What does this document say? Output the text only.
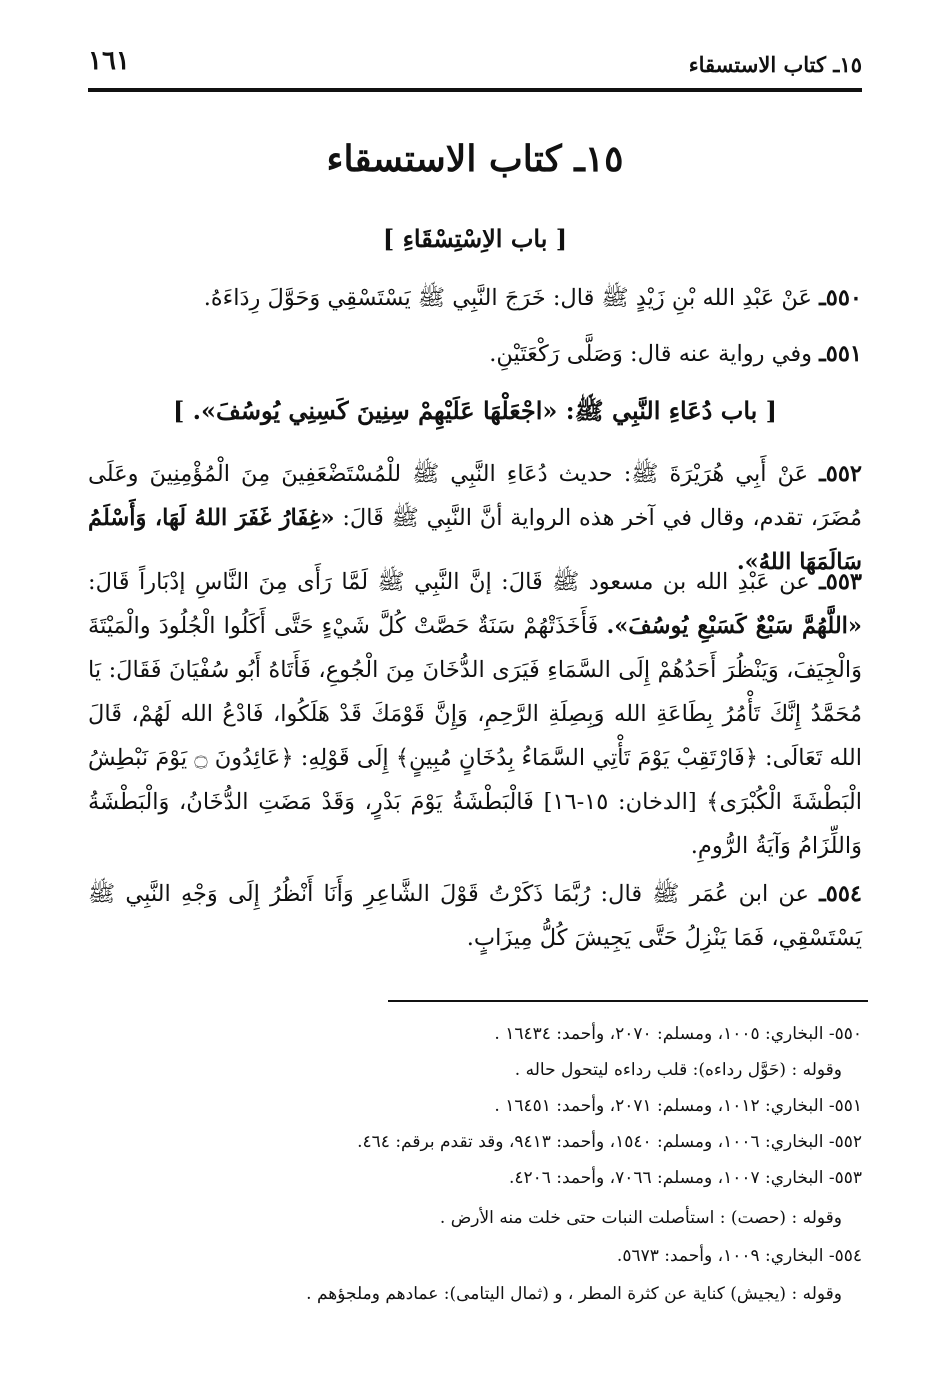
١٥ـ كتاب الاستسقاء
١٦١
١٥ـ كتاب الاستسقاء
[ باب الاِسْتِسْقَاءِ ]
٥٥٠ـ عَنْ عَبْدِ الله بْنِ زَيْدٍ ﷺ قال: خَرَجَ النَّبِي ﷺ يَسْتَسْقِي وَحَوَّلَ رِدَاءَهُ.
٥٥١ـ وفي رواية عنه قال: وَصَلَّى رَكْعَتَيْنِ.
[ باب دُعَاءِ النَّبِي ﷺ: «اجْعَلْهَا عَلَيْهِمْ سِنِينَ كَسِنِي يُوسُفَ». ]
٥٥٢ـ عَنْ أَبِي هُرَيْرَةَ ﷺ: حديث دُعَاءِ النَّبِي ﷺ للْمُسْتَضْعَفِينَ مِنَ الْمُؤْمِنِينَ وعَلَى مُضَرَ، تقدم، وقال في آخر هذه الرواية أنَّ النَّبِي ﷺ قَالَ: «غِفَارُ غَفَرَ اللهُ لَهَا، وَأَسْلَمُ سَالَمَهَا اللهُ».
٥٥٣ـ عن عَبْدِ الله بن مسعود ﷺ قَالَ: إنَّ النَّبِي ﷺ لَمَّا رَأَى مِنَ النَّاسِ إدْبَاراً قَالَ: «اللَّهُمَّ سَبْعٌ كَسَبْعِ يُوسُفَ». فَأَخَذَتْهُمْ سَنَةٌ حَصَّتْ كُلَّ شَيْءٍ حَتَّى أَكَلُوا الْجُلُودَ والْمَيْتَةَ وَالْجِيَفَ، وَيَنْظُرَ أَحَدُهُمْ إِلَى السَّمَاءِ فَيَرَى الدُّخَانَ مِنَ الْجُوعِ، فَأَتَاهُ أَبُو سُفْيَانَ فَقَالَ: يَا مُحَمَّدُ إِنَّكَ تَأْمُرُ بِطَاعَةِ الله وَبِصِلَةِ الرَّحِمِ، وَإِنَّ قَوْمَكَ قَدْ هَلَكُوا، فَادْعُ الله لَهُمْ، قَالَ الله تَعَالَى: ﴿فَارْتَقِبْ يَوْمَ تَأْتِي السَّمَاءُ بِدُخَانٍ مُبِينٍ﴾ إِلَى قَوْلِهِ: ﴿عَائِدُونَ ۝ يَوْمَ نَبْطِشُ الْبَطْشَةَ الْكُبْرَى﴾ [الدخان: ١٥-١٦] فَالْبَطْشَةُ يَوْمَ بَدْرٍ، وَقَدْ مَضَتِ الدُّخَانُ، وَالْبَطْشَةُ وَاللِّزَامُ وَآيَةُ الرُّومِ.
٥٥٤ـ عن ابن عُمَر ﷺ قال: رُبَّمَا ذَكَرْتُ قَوْلَ الشَّاعِرِ وَأَنَا أَنْظُرُ إِلَى وَجْهِ النَّبِي ﷺ يَسْتَسْقِي، فَمَا يَنْزِلُ حَتَّى يَجِيشَ كُلُّ مِيزَابٍ.
٥٥٠- البخاري: ١٠٠٥، ومسلم: ٢٠٧٠، وأحمد: ١٦٤٣٤ .
وقوله : (حَوَّل رداءه): قلب رداءه ليتحول حاله .
٥٥١- البخاري: ١٠١٢، ومسلم: ٢٠٧١، وأحمد: ١٦٤٥١ .
٥٥٢- البخاري: ١٠٠٦، ومسلم: ١٥٤٠، وأحمد: ٩٤١٣، وقد تقدم برقم: ٤٦٤.
٥٥٣- البخاري: ١٠٠٧، ومسلم: ٧٠٦٦، وأحمد: ٤٢٠٦.
وقوله : (حصت) : استأصلت النبات حتى خلت منه الأرض .
٥٥٤- البخاري: ١٠٠٩، وأحمد: ٥٦٧٣.
وقوله : (يجيش) كناية عن كثرة المطر ، و (ثمال اليتامى): عمادهم وملجؤهم .
